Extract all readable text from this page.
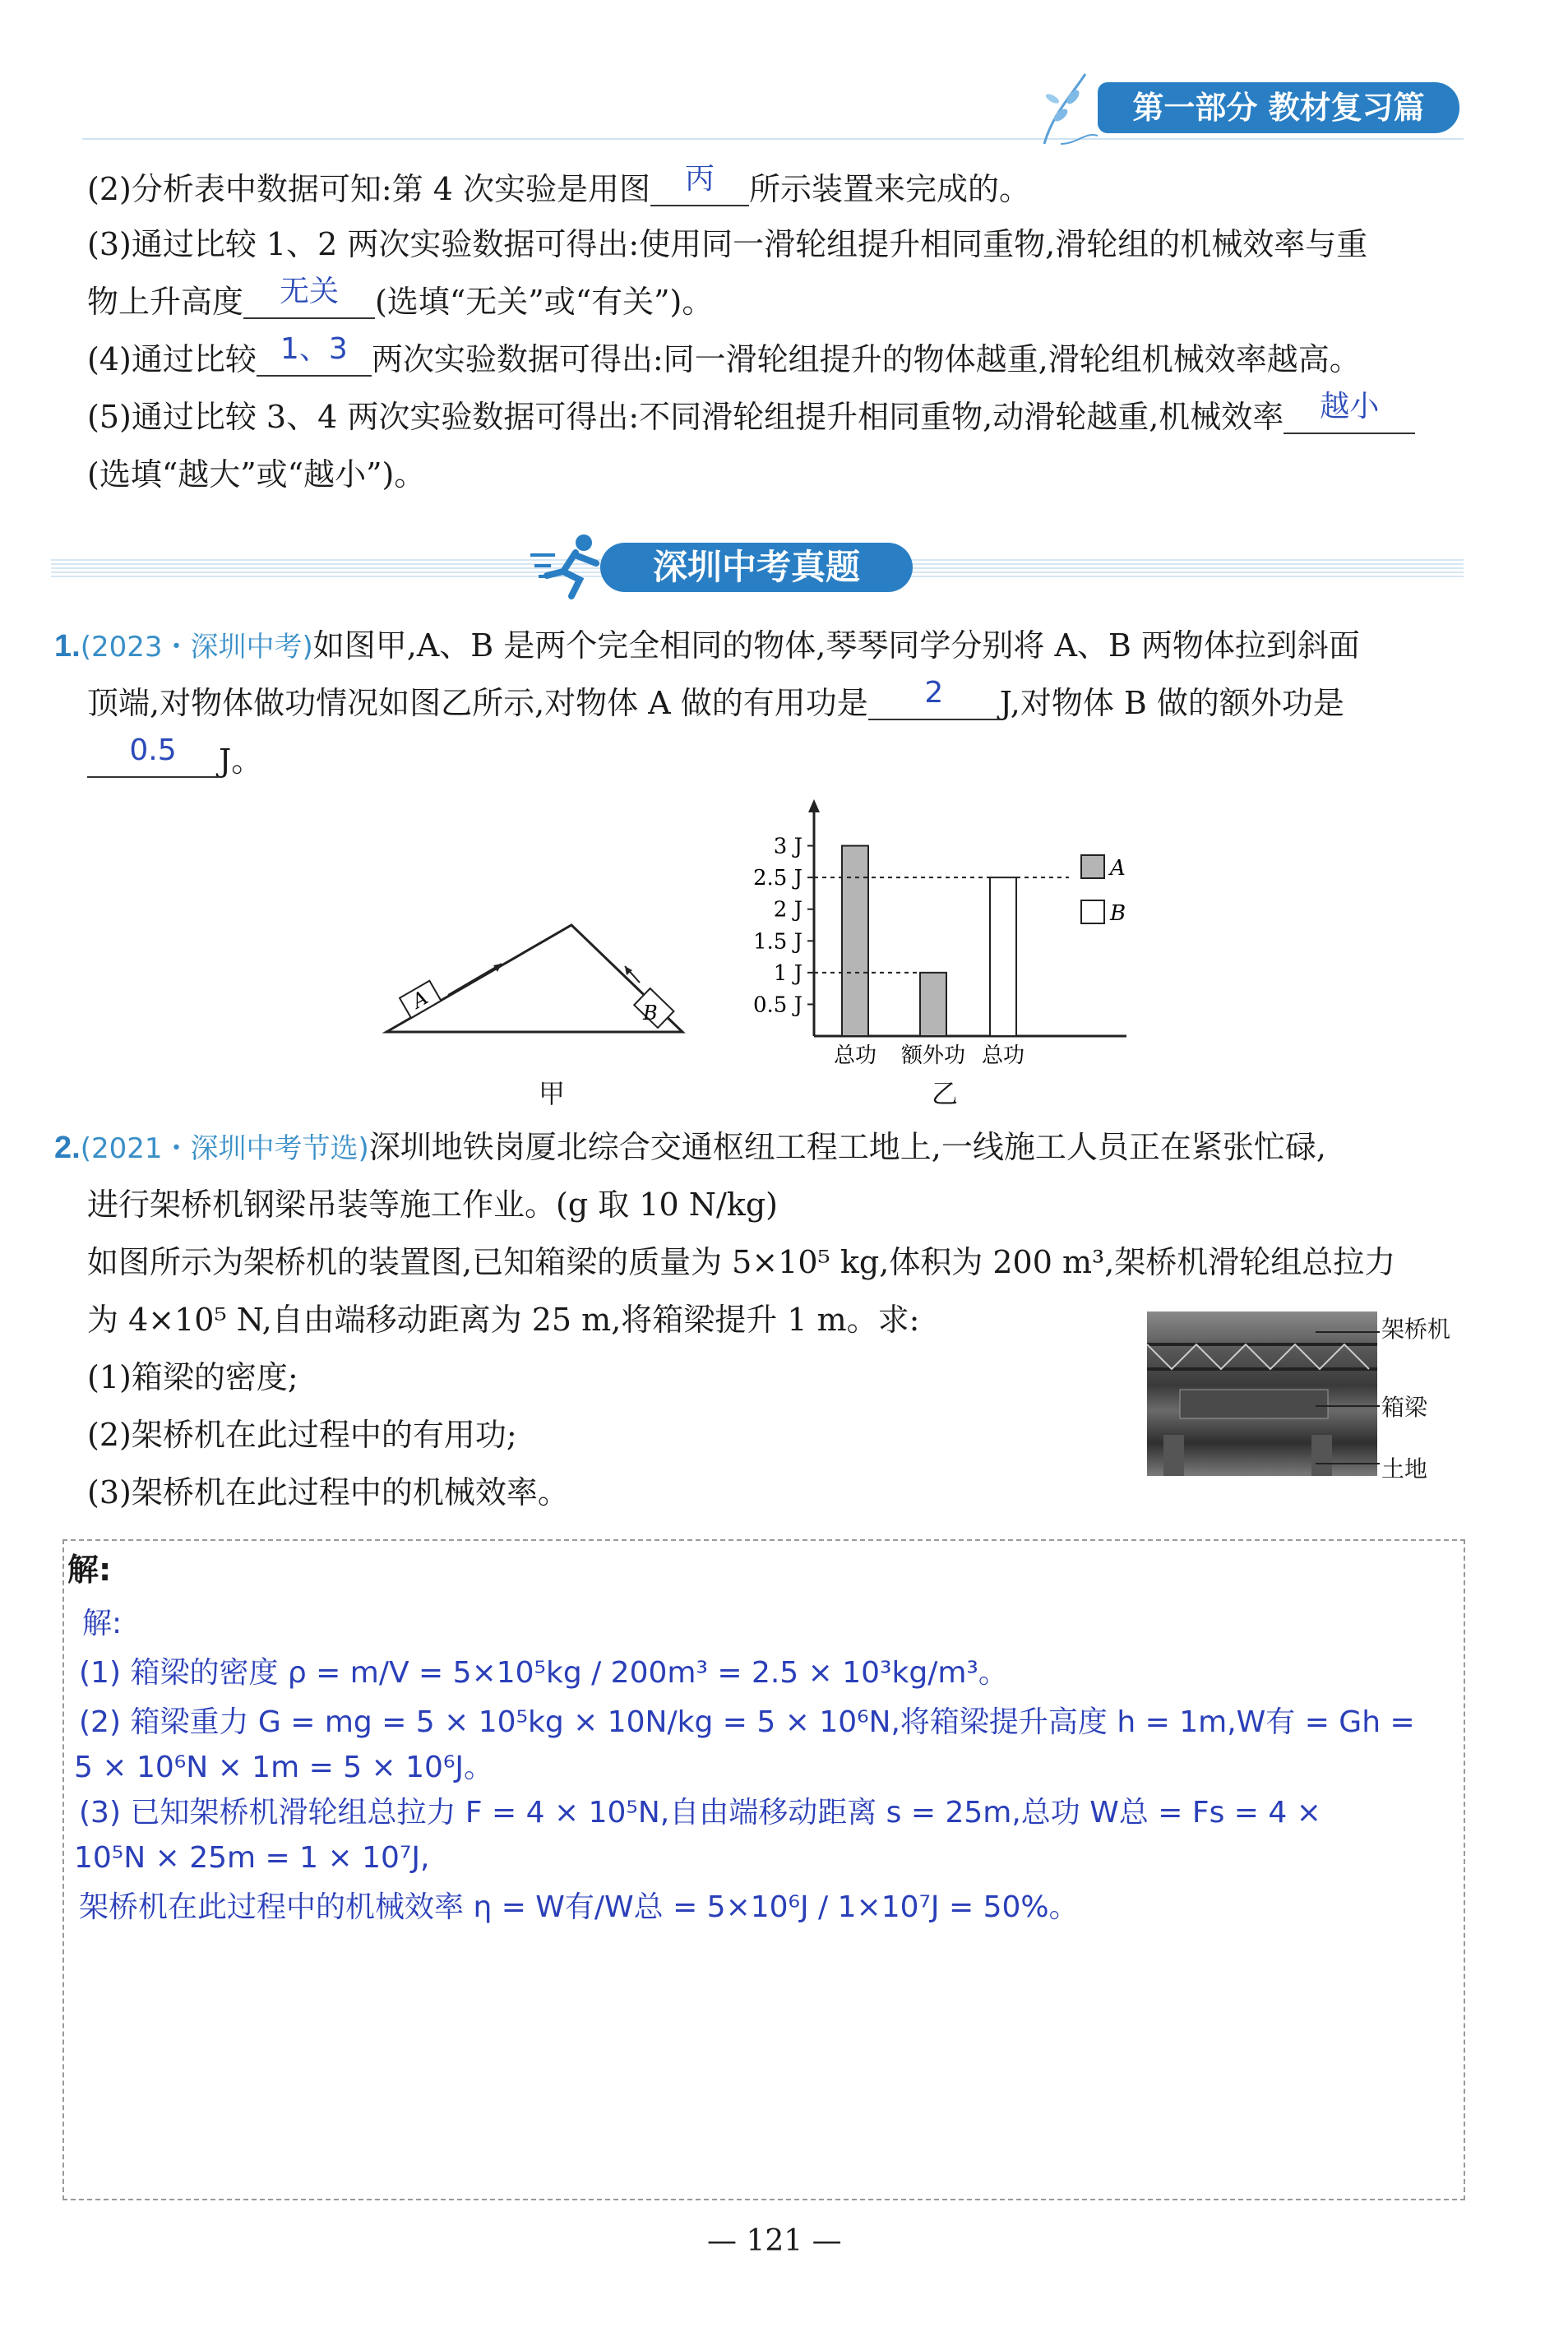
第一部分 教材复习篇
(2)分析表中数据可知:第 4 次实验是用图 丙 所示装置来完成的。
(3)通过比较 1、2 两次实验数据可得出:使用同一滑轮组提升相同重物,滑轮组的机械效率与重
物上升高度 无关 (选填“无关”或“有关”)。
(4)通过比较 1、3 两次实验数据可得出:同一滑轮组提升的物体越重,滑轮组机械效率越高。
(5)通过比较 3、4 两次实验数据可得出:不同滑轮组提升相同重物,动滑轮越重,机械效率 越小
(选填“越大”或“越小”)。
深圳中考真题
1.(2023・深圳中考)如图甲,A、B 是两个完全相同的物体,琴琴同学分别将 A、B 两物体拉到斜面
顶端,对物体做功情况如图乙所示,对物体 A 做的有用功是 2 J,对物体 B 做的额外功是
0.5 J。
A	B
甲
0.5 J
1 J
1.5 J
2 J
2.5 J
3 J
总功 额外功 总功
A
B
乙
2.(2021・深圳中考节选)深圳地铁岗厦北综合交通枢纽工程工地上,一线施工人员正在紧张忙碌,
进行架桥机钢梁吊装等施工作业。(g 取 10 N/kg)
如图所示为架桥机的装置图,已知箱梁的质量为 5×10⁵ kg,体积为 200 m³,架桥机滑轮组总拉力
为 4×10⁵ N,自由端移动距离为 25 m,将箱梁提升 1 m。求:
(1)箱梁的密度;
(2)架桥机在此过程中的有用功;
(3)架桥机在此过程中的机械效率。
架桥机
箱梁
土地
解:
解:
(1) 箱梁的密度 ρ = m/V = 5×10⁵kg / 200m³ = 2.5 × 10³kg/m³。
(2) 箱梁重力 G = mg = 5 × 10⁵kg × 10N/kg = 5 × 10⁶N,将箱梁提升高度 h = 1m,W有 = Gh =
5 × 10⁶N × 1m = 5 × 10⁶J。
(3) 已知架桥机滑轮组总拉力 F = 4 × 10⁵N,自由端移动距离 s = 25m,总功 W总 = Fs = 4 ×
10⁵N × 25m = 1 × 10⁷J,
架桥机在此过程中的机械效率 η = W有/W总 = 5×10⁶J / 1×10⁷J = 50%。
— 121 —
